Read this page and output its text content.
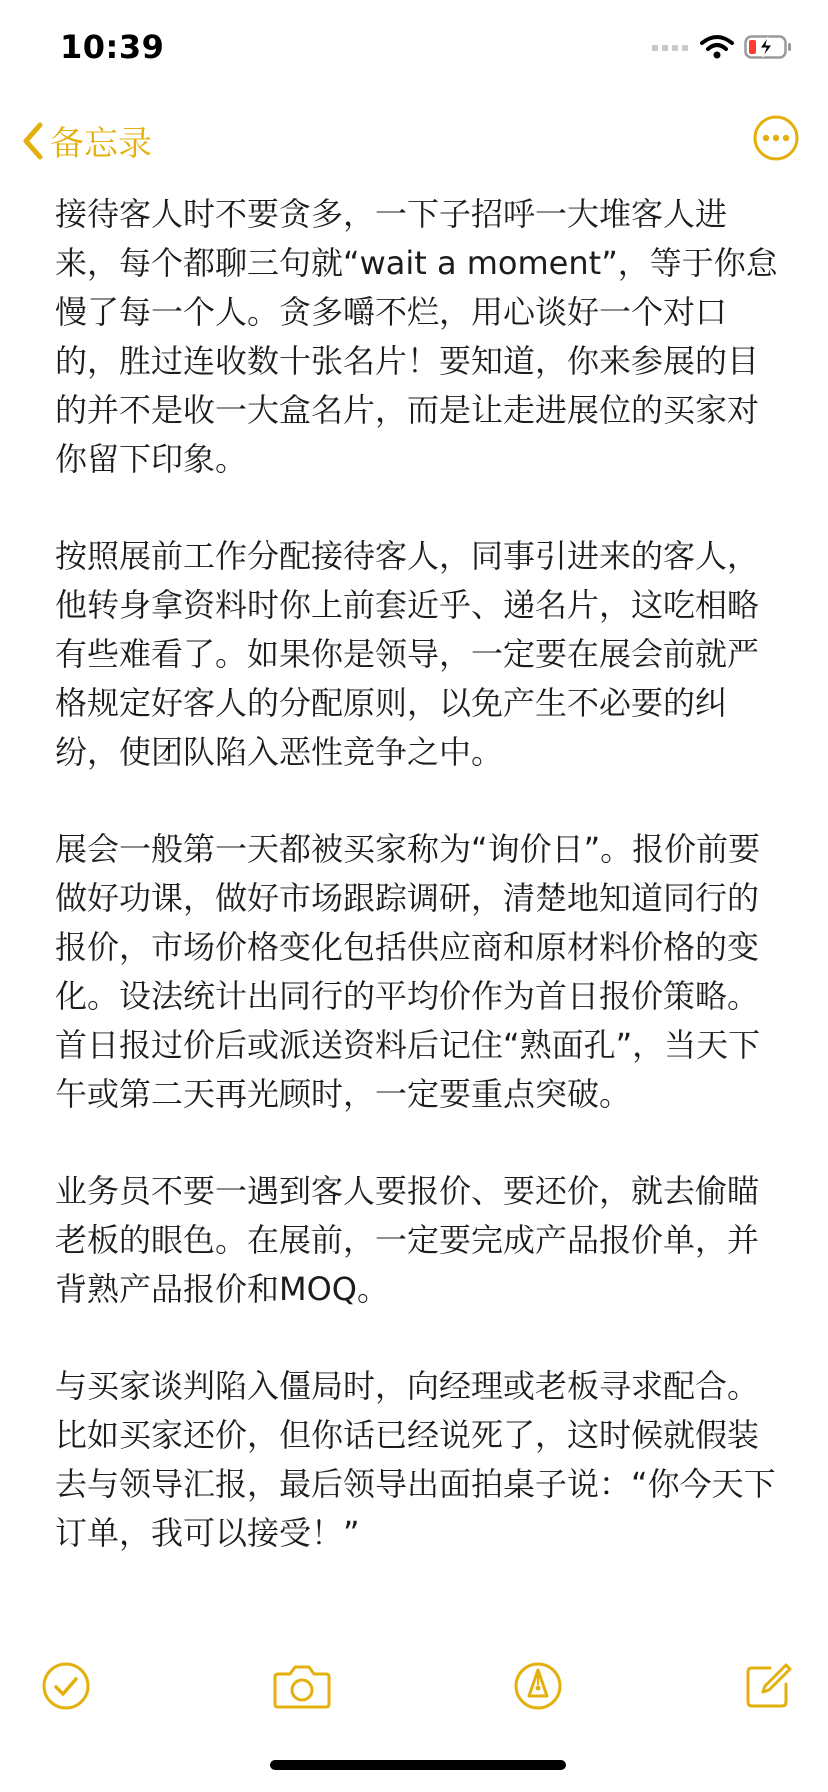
10:39
备忘录

接待客人时不要贪多，一下子招呼一大堆客人进来，每个都聊三句就“wait a moment”，等于你怠慢了每一个人。贪多嚼不烂，用心谈好一个对口的，胜过连收数十张名片！要知道，你来参展的目的并不是收一大盒名片，而是让走进展位的买家对你留下印象。

按照展前工作分配接待客人，同事引进来的客人，他转身拿资料时你上前套近乎、递名片，这吃相略有些难看了。如果你是领导，一定要在展会前就严格规定好客人的分配原则，以免产生不必要的纠纷，使团队陷入恶性竞争之中。

展会一般第一天都被买家称为“询价日”。报价前要做好功课，做好市场跟踪调研，清楚地知道同行的报价，市场价格变化包括供应商和原材料价格的变化。设法统计出同行的平均价作为首日报价策略。首日报过价后或派送资料后记住“熟面孔”，当天下午或第二天再光顾时，一定要重点突破。

业务员不要一遇到客人要报价、要还价，就去偷瞄老板的眼色。在展前，一定要完成产品报价单，并背熟产品报价和MOQ。

与买家谈判陷入僵局时，向经理或老板寻求配合。比如买家还价，但你话已经说死了，这时候就假装去与领导汇报，最后领导出面拍桌子说：“你今天下订单，我可以接受！”
